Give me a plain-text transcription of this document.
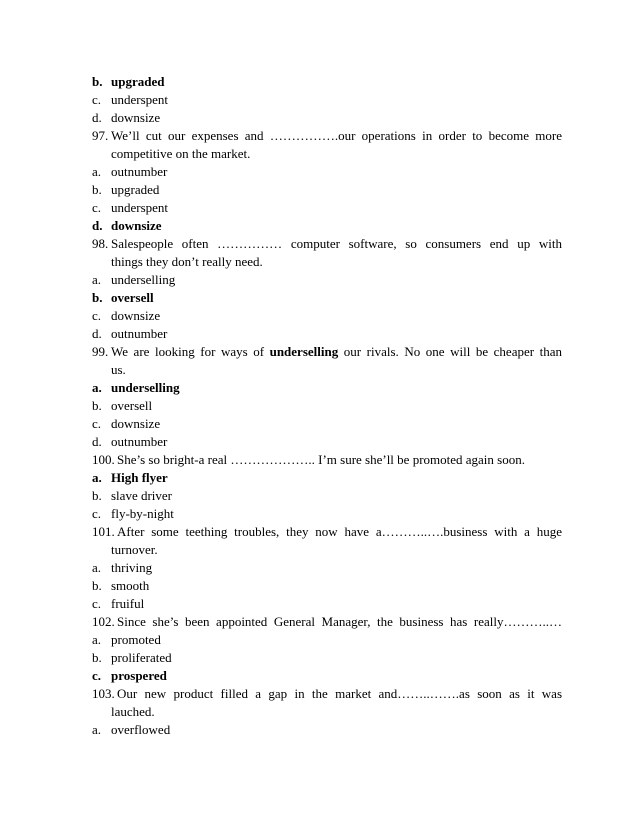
b. upgraded
c. underspent
d. downsize
97. We’ll cut our expenses and …………….our operations in order to become more
competitive on the market.
a. outnumber
b. upgraded
c. underspent
d. downsize
98. Salespeople often …………… computer software, so consumers end up with
things they don’t really need.
a. underselling
b. oversell
c. downsize
d. outnumber
99. We are looking for ways of underselling our rivals. No one will be cheaper than
us.
a. underselling
b. oversell
c. downsize
d. outnumber
100. She’s so bright-a real ……………….. I’m sure she’ll be promoted again soon.
a. High flyer
b. slave driver
c. fly-by-night
101. After some teething troubles, they now have a………..….business with a huge
turnover.
a. thriving
b. smooth
c. fruiful
102. Since she’s been appointed General Manager, the business has really………..…
a. promoted
b. proliferated
c. prospered
103. Our new product filled a gap in the market and……..…….as soon as it was
lauched.
a. overflowed
